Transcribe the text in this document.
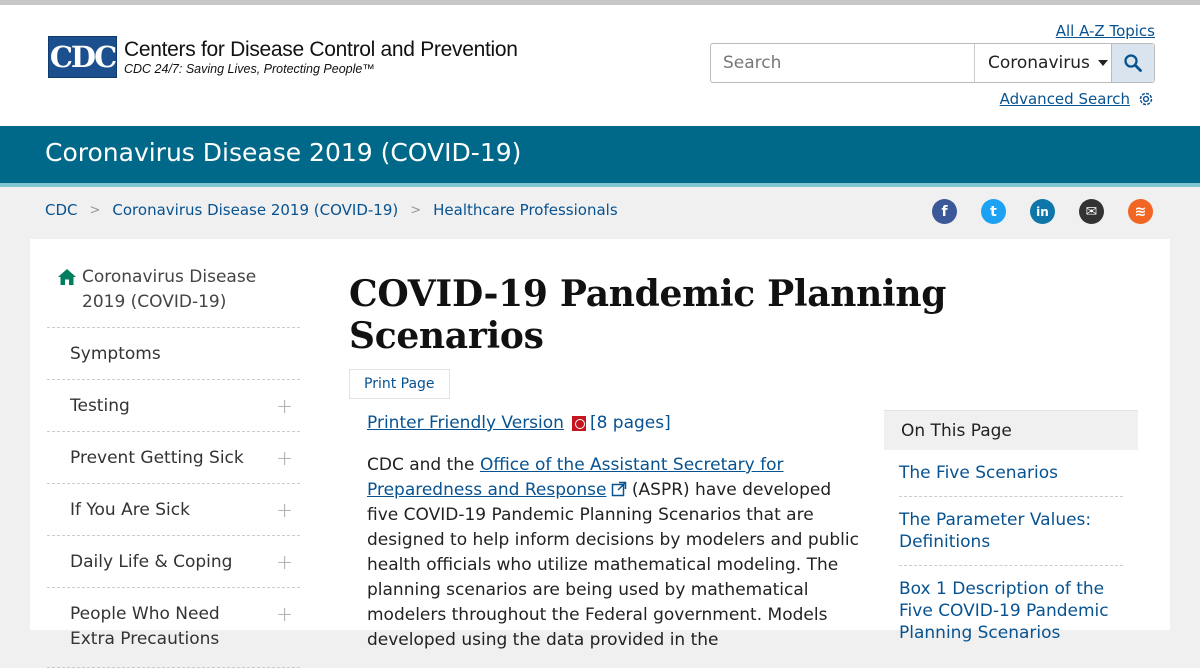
CDC Centers for Disease Control and Prevention
CDC 24/7: Saving Lives, Protecting People™
All A-Z Topics
Search
Coronavirus
Advanced Search
Coronavirus Disease 2019 (COVID-19)
CDC > Coronavirus Disease 2019 (COVID-19) > Healthcare Professionals	f	t	in	✉	≋
Coronavirus Disease 2019 (COVID-19)
Symptoms
Testing	+
Prevent Getting Sick +
If You Are Sick	+
Daily Life & Coping +
People Who Need Extra Precautions
+
COVID-19 Pandemic Planning Scenarios
Print Page
Printer Friendly Version [8 pages]

CDC and the Office of the Assistant Secretary for Preparedness and Response (ASPR) have developed five COVID-19 Pandemic Planning Scenarios that are designed to help inform decisions by modelers and public health officials who utilize mathematical modeling. The planning scenarios are being used by mathematical modelers throughout the Federal government. Models developed using the data provided in the

On This Page
The Five Scenarios
The Parameter Values: Definitions
Box 1 Description of the Five COVID-19 Pandemic Planning Scenarios
